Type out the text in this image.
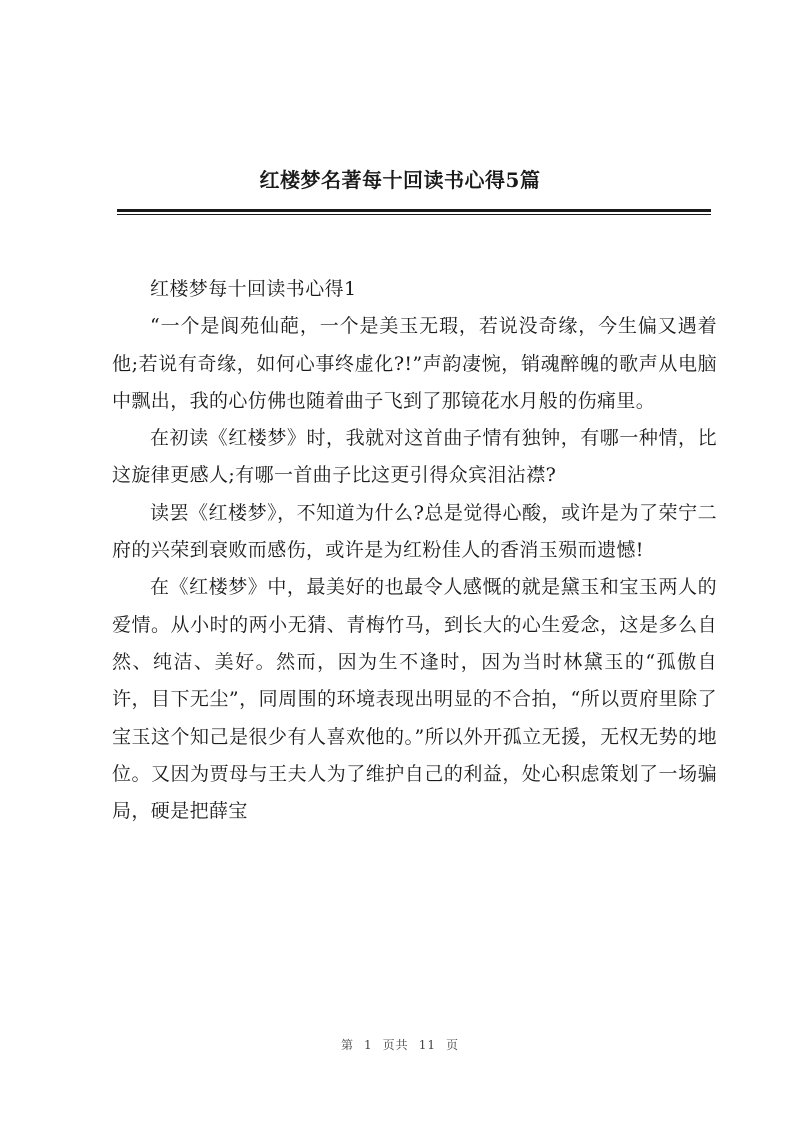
红楼梦名著每十回读书心得5篇

红楼梦每十回读书心得1

“一个是阆苑仙葩，一个是美玉无瑕，若说没奇缘，今生偏又遇着他;若说有奇缘，如何心事终虚化?!”声韵凄惋，销魂醉魄的歌声从电脑中飘出，我的心仿佛也随着曲子飞到了那镜花水月般的伤痛里。

在初读《红楼梦》时，我就对这首曲子情有独钟，有哪一种情，比这旋律更感人;有哪一首曲子比这更引得众宾泪沾襟?

读罢《红楼梦》，不知道为什么?总是觉得心酸，或许是为了荣宁二府的兴荣到衰败而感伤，或许是为红粉佳人的香消玉殒而遗憾!

在《红楼梦》中，最美好的也最令人感慨的就是黛玉和宝玉两人的爱情。从小时的两小无猜、青梅竹马，到长大的心生爱念，这是多么自然、纯洁、美好。然而，因为生不逢时，因为当时林黛玉的“孤傲自许，目下无尘”，同周围的环境表现出明显的不合拍，“所以贾府里除了宝玉这个知己是很少有人喜欢他的。”所以外开孤立无援，无权无势的地位。又因为贾母与王夫人为了维护自己的利益，处心积虑策划了一场骗局，硬是把薛宝

第 1 页共 11 页
